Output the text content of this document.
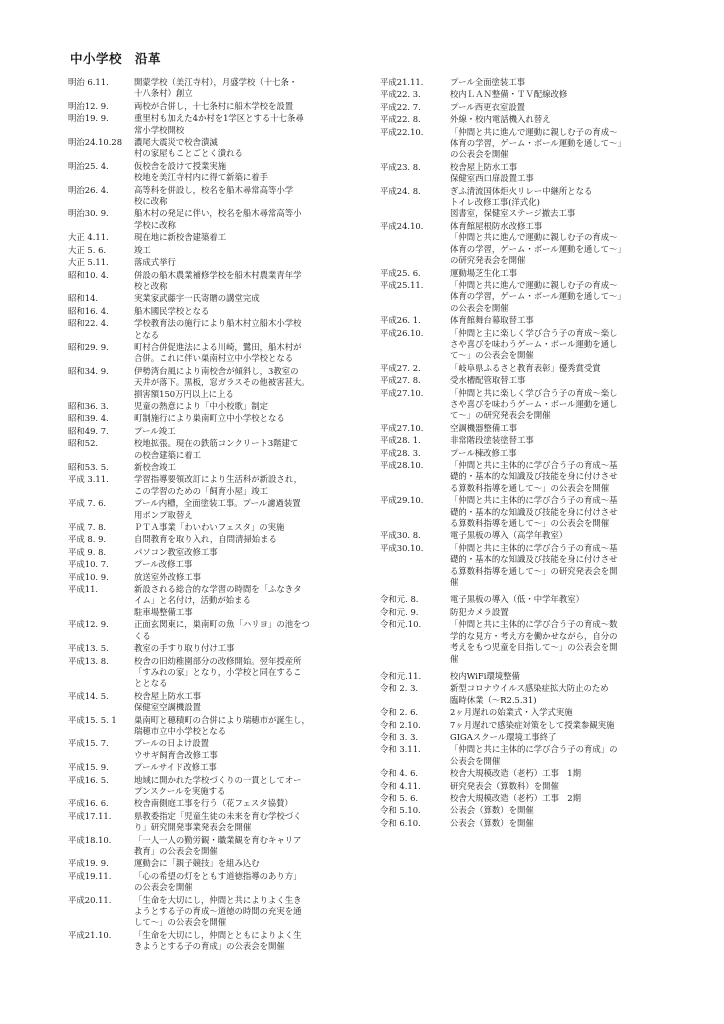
中小学校　沿革
明治 6.11.	開蒙学校（美江寺村），月盛学校（十七条・
十八条村）創立
明治12. 9.	両校が合併し，十七条村に船木学校を設置
明治19. 9.	重里村も加えた4か村を1学区とする十七条尋
常小学校開校
明治24.10.28	濃尾大震災で校舎潰滅
村の家屋もことごとく潰れる
明治25. 4.	仮校舎を設けて授業実施
校地を美江寺村内に得て新築に着手
明治26. 4.	高等科を併設し，校名を船木尋常高等小学
校に改称
明治30. 9.	船木村の発足に伴い，校名を船木尋常高等小
学校に改称
大正 4.11.	現在地に新校舎建築着工
大正 5. 6.	竣工
大正 5.11.	落成式挙行
昭和10. 4.	併設の船木農業補修学校を船木村農業青年学
校と改称
昭和14.	実業家武藤宇一氏寄贈の講堂完成
昭和16. 4.	船木國民学校となる
昭和22. 4.	学校教育法の施行により船木村立船木小学校
となる
昭和29. 9.	町村合併促進法による川崎，鷺田，船木村が
合併。これに伴い巣南村立中小学校となる
昭和34. 9.	伊勢湾台風により南校舎が傾斜し，3教室の
天井が落下。黒板，窓ガラスその他被害甚大。
損害額150万円以上に上る
昭和36. 3.	児童の熱意により「中小校歌」制定
昭和39. 4.	町制施行により巣南町立中小学校となる
昭和49. 7.	プール竣工
昭和52.	校地拡張。現在の鉄筋コンクリート3階建て
の校舎建築に着工
昭和53. 5.	新校舎竣工
平成 3.11.	学習指導要領改訂により生活科が新設され，
この学習のための「飼育小屋」竣工
平成 7. 6.	プール内槽，全面塗装工事。プール濾過装置
用ポンプ取替え
平成 7. 8.	ＰＴＡ事業「わいわいフェスタ」の実施
平成 8. 9.	自問教育を取り入れ，自問清掃始まる
平成 9. 8.	パソコン教室改修工事
平成10. 7.	プール改修工事
平成10. 9.	放送室外改修工事
平成11.	新設される総合的な学習の時間を「ふなきタ
イム」と名付け，活動が始まる
駐車場整備工事
平成12. 9.	正面玄関東に，巣南町の魚「ハリヨ」の池をつ
くる
平成13. 5.	教室の手すり取り付け工事
平成13. 8.	校舎の旧幼稚園部分の改修開始。翌年授産所
「すみれの家」となり，小学校と同在するこ
ととなる
平成14. 5.	校舎屋上防水工事
保健室空調機設置
平成15. 5. 1	巣南町と穂積町の合併により瑞穂市が誕生し，
瑞穂市立中小学校となる
平成15. 7.	プールの日よけ設置
ウサギ飼育舎改修工事
平成15. 9.	プールサイド改修工事
平成16. 5.	地域に開かれた学校づくりの一貫としてオー
プンスクールを実施する
平成16. 6.	校舎南側庭工事を行う（花フェスタ協賛）
平成17.11.	県教委指定「児童生徒の未来を育む学校づく
り」研究開発事業発表会を開催
平成18.10.	「一人一人の勤労観・職業観を育むキャリア
教育」の公表会を開催
平成19. 9.	運動会に「親子競技」を組み込む
平成19.11.	「心の希望の灯をともす道徳指導のあり方」
の公表会を開催
平成20.11.	「生命を大切にし，仲間と共によりよく生き
ようとする子の育成～道徳の時間の充実を通
して～」の公表会を開催
平成21.10.	「生命を大切にし，仲間とともによりよく生
きようとする子の育成」の公表会を開催
平成21.11.	プール全面塗装工事
平成22. 3.	校内ＬＡＮ整備・ＴＶ配線改修
平成22. 7.	プール西更衣室設置
平成22. 8.	外線・校内電話機入れ替え
平成22.10.	「仲間と共に進んで運動に親しむ子の育成～
体育の学習，ゲーム・ボール運動を通して～」
の公表会を開催
平成23. 8.	校舎屋上防水工事
保健室西口扉設置工事
平成24. 8.	ぎふ清流国体炬火リレー中継所となる
トイレ改修工事(洋式化)
図書室，保健室ステージ撤去工事
平成24.10.	体育館屋根防水改修工事
「仲間と共に進んで運動に親しむ子の育成～
体育の学習，ゲーム・ボール運動を通して～」
の研究発表会を開催
平成25. 6.	運動場芝生化工事
平成25.11.	「仲間と共に進んで運動に親しむ子の育成～
体育の学習，ゲーム・ボール運動を通して～」
の公表会を開催
平成26. 1.	体育館舞台幕取替工事
平成26.10.	「仲間と主に楽しく学び合う子の育成～楽し
さや喜びを味わうゲーム・ボール運動を通し
て～」の公表会を開催
平成27. 2.	「岐阜県ふるさと教育表彰」優秀賞受賞
平成27. 8.	受水槽配管取替工事
平成27.10.	「仲間と共に楽しく学び合う子の育成～楽し
さや喜びを味わうゲーム・ボール運動を通し
て～」の研究発表会を開催
平成27.10.	空調機器整備工事
平成28. 1.	非常階段塗装塗替工事
平成28. 3.	プール棟改修工事
平成28.10.	「仲間と共に主体的に学び合う子の育成～基
礎的・基本的な知識及び技能を身に付けさせ
る算数科指導を通して～」の公表会を開催
平成29.10.	「仲間と共に主体的に学び合う子の育成～基
礎的・基本的な知識及び技能を身に付けさせ
る算数科指導を通して～」の公表会を開催
平成30. 8.	電子黒板の導入（高学年教室）
平成30.10.	「仲間と共に主体的に学び合う子の育成～基
礎的・基本的な知識及び技能を身に付けさせ
る算数科指導を通して～」の研究発表会を開
催
令和元. 8.	電子黒板の導入（低・中学年教室）
令和元. 9.	防犯カメラ設置
令和元.10.	「仲間と共に主体的に学び合う子の育成～数
学的な見方・考え方を働かせながら，自分の
考えをもつ児童を目指して～」の公表会を開
催
令和元.11.	校内WiFi環境整備
令和 2. 3.	新型コロナウイルス感染症拡大防止のため
臨時休業（～R2.5.31)
令和 2. 6.	2ヶ月遅れの始業式・入学式実施
令和 2.10.	7ヶ月遅れで感染症対策をして授業参観実施
令和 3. 3.	GIGAスクール環境工事終了
令和 3.11.	「仲間と共に主体的に学び合う子の育成」の
公表会を開催
令和 4. 6.	校舎大規模改造（老朽）工事　1期
令和 4.11.	研究発表会（算数科）を開催
令和 5. 6.	校舎大規模改造（老朽）工事　2期
令和 5.10.	公表会（算数）を開催
令和 6.10.	公表会（算数）を開催
